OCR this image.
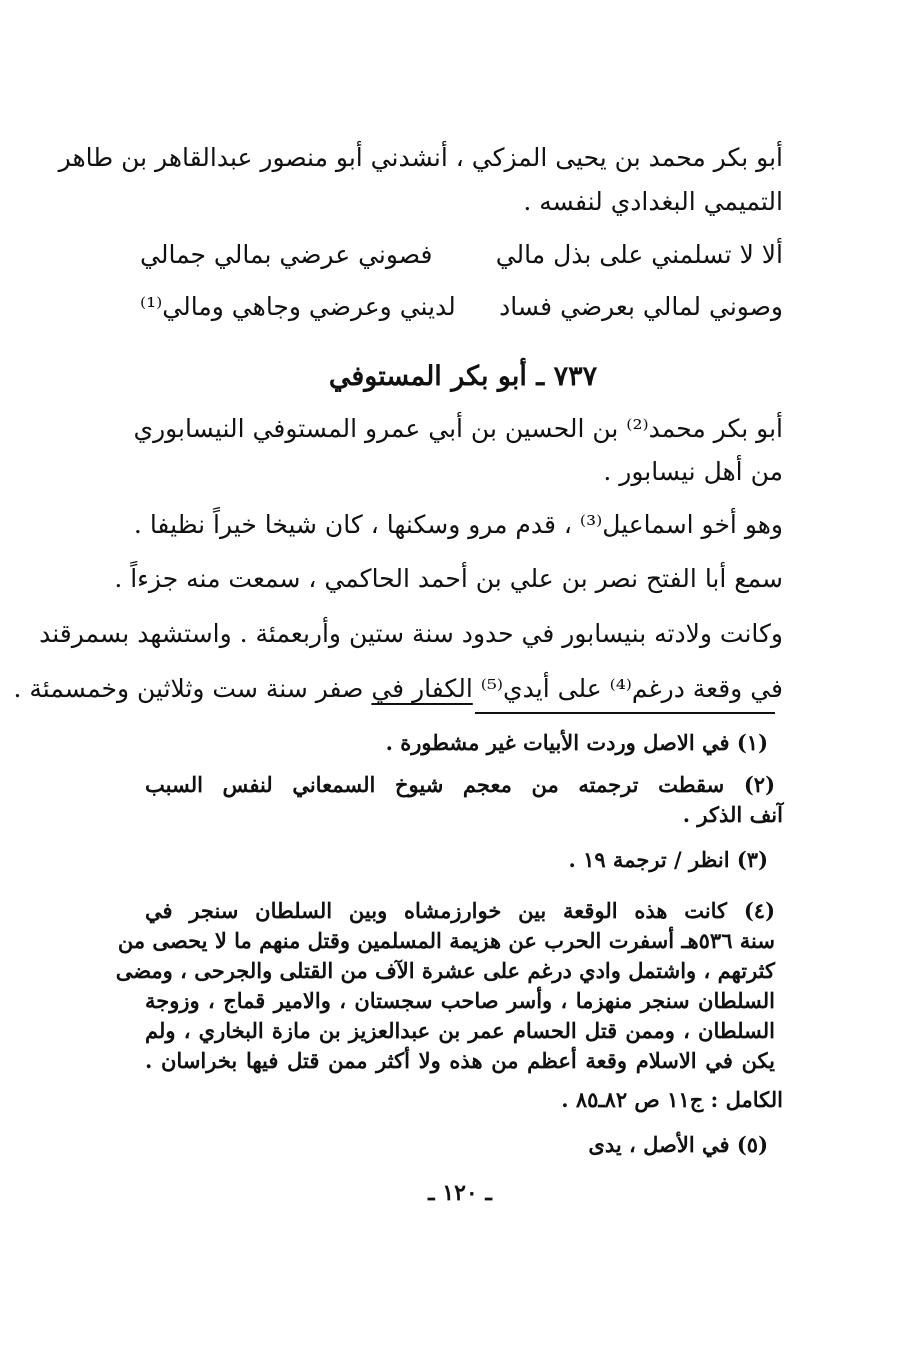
أبو بكر محمد بن يحيى المزكي ، أنشدني أبو منصور عبدالقاهر بن طاهر
التميمي البغدادي لنفسه .
ألا لا تسلمني على بذل مالي
فصوني عرضي بمالي جمالي
وصوني لمالي بعرضي فساد
لديني وعرضي وجاهي ومالي⁽¹⁾
٧٣٧ ـ أبو بكر المستوفي
أبو بكر محمد⁽²⁾ بن الحسين بن أبي عمرو المستوفي النيسابوري
من أهل نيسابور .
وهو أخو اسماعيل⁽³⁾ ، قدم مرو وسكنها ، كان شيخا خيراً نظيفا .
سمع أبا الفتح نصر بن علي بن أحمد الحاكمي ، سمعت منه جزءاً .
وكانت ولادته بنيسابور في حدود سنة ستين وأربعمئة . واستشهد بسمرقند
في وقعة درغم⁽⁴⁾ على أيدي⁽⁵⁾ الكفار في صفر سنة ست وثلاثين وخمسمئة .
(١) في الاصل وردت الأبيات غير مشطورة .
(٢) سقطت ترجمته من معجم شيوخ السمعاني لنفس السبب
آنف الذكر .
(٣) انظر / ترجمة ١٩ .
(٤) كانت هذه الوقعة بين خوارزمشاه وبين السلطان سنجر في
سنة ٥٣٦هـ أسفرت الحرب عن هزيمة المسلمين وقتل منهم ما لا يحصى من
كثرتهم ، واشتمل وادي درغم على عشرة الآف من القتلى والجرحى ، ومضى
السلطان سنجر منهزما ، وأسر صاحب سجستان ، والامير قماج ، وزوجة
السلطان ، وممن قتل الحسام عمر بن عبدالعزيز بن مازة البخاري ، ولم
يكن في الاسلام وقعة أعظم من هذه ولا أكثر ممن قتل فيها بخراسان .
الكامل : ج١١ ص ٨٢ـ٨٥ .
(٥) في الأصل ، يدى
ـ ١٢٠ ـ
